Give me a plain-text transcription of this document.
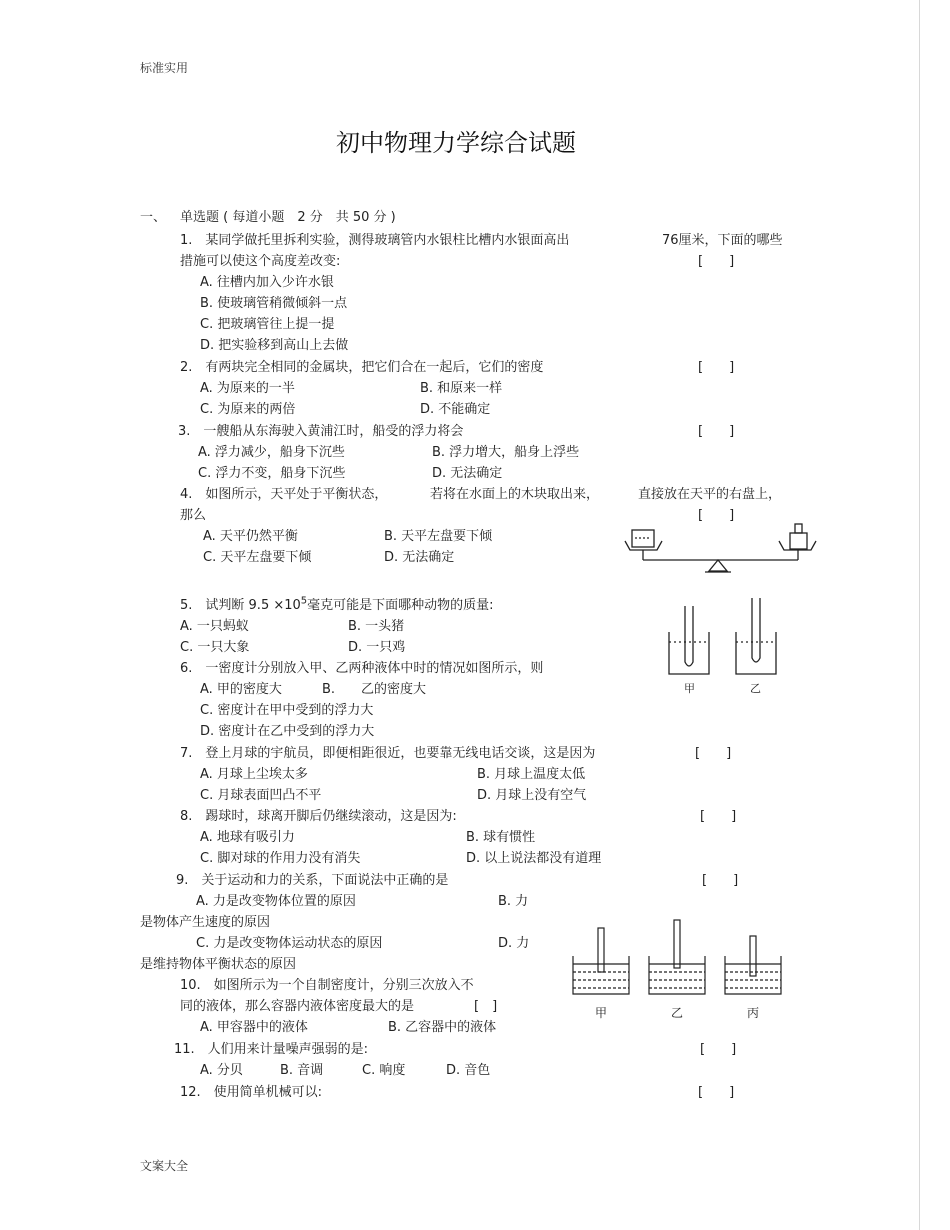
标准实用
初中物理力学综合试题
一、 单选题 ( 每道小题　2 分　共 50 分 )
1.　某同学做托里拆利实验，测得玻璃管内水银柱比槽内水银面高出	76厘米，下面的哪些
措施可以使这个高度差改变:	[　　]
A. 往槽内加入少许水银
B. 使玻璃管稍微倾斜一点
C. 把玻璃管往上提一提
D. 把实验移到高山上去做
2.　有两块完全相同的金属块，把它们合在一起后，它们的密度	[　　]
A. 为原来的一半	B. 和原来一样
C. 为原来的两倍	D. 不能确定
3.　一艘船从东海驶入黄浦江时，船受的浮力将会	[　　]
A. 浮力减少，船身下沉些	B. 浮力增大，船身上浮些
C. 浮力不变，船身下沉些	D. 无法确定
4.　如图所示，天平处于平衡状态，	若将在水面上的木块取出来，	直接放在天平的右盘上，
那么	[　　]
A. 天平仍然平衡	B. 天平左盘要下倾
C. 天平左盘要下倾	D. 无法确定
5.　试判断 $9.5 \times 10^5$毫克可能是下面哪种动物的质量:
A. 一只蚂蚁	B. 一头猪
C. 一只大象	D. 一只鸡
甲	乙
6.　一密度计分别放入甲、乙两种液体中时的情况如图所示，则
A. 甲的密度大	B.　　乙的密度大
C. 密度计在甲中受到的浮力大
D. 密度计在乙中受到的浮力大
7.　登上月球的宇航员，即便相距很近，也要靠无线电话交谈，这是因为	[　　]
A. 月球上尘埃太多	B. 月球上温度太低
C. 月球表面凹凸不平	D. 月球上没有空气
8.　踢球时，球离开脚后仍继续滚动，这是因为:	[　　]
A. 地球有吸引力	B. 球有惯性
C. 脚对球的作用力没有消失	D. 以上说法都没有道理
9.　关于运动和力的关系，下面说法中正确的是	[　　]
A. 力是改变物体位置的原因	B. 力
是物体产生速度的原因
C. 力是改变物体运动状态的原因	D. 力
是维持物体平衡状态的原因
甲	乙	丙
10.　如图所示为一个自制密度计，分别三次放入不
同的液体，那么容器内液体密度最大的是	[　]
A. 甲容器中的液体	B. 乙容器中的液体
11.　人们用来计量噪声强弱的是:	[　　]
A. 分贝	B. 音调	C. 响度	D. 音色
12.　使用简单机械可以:	[　　]
文案大全
